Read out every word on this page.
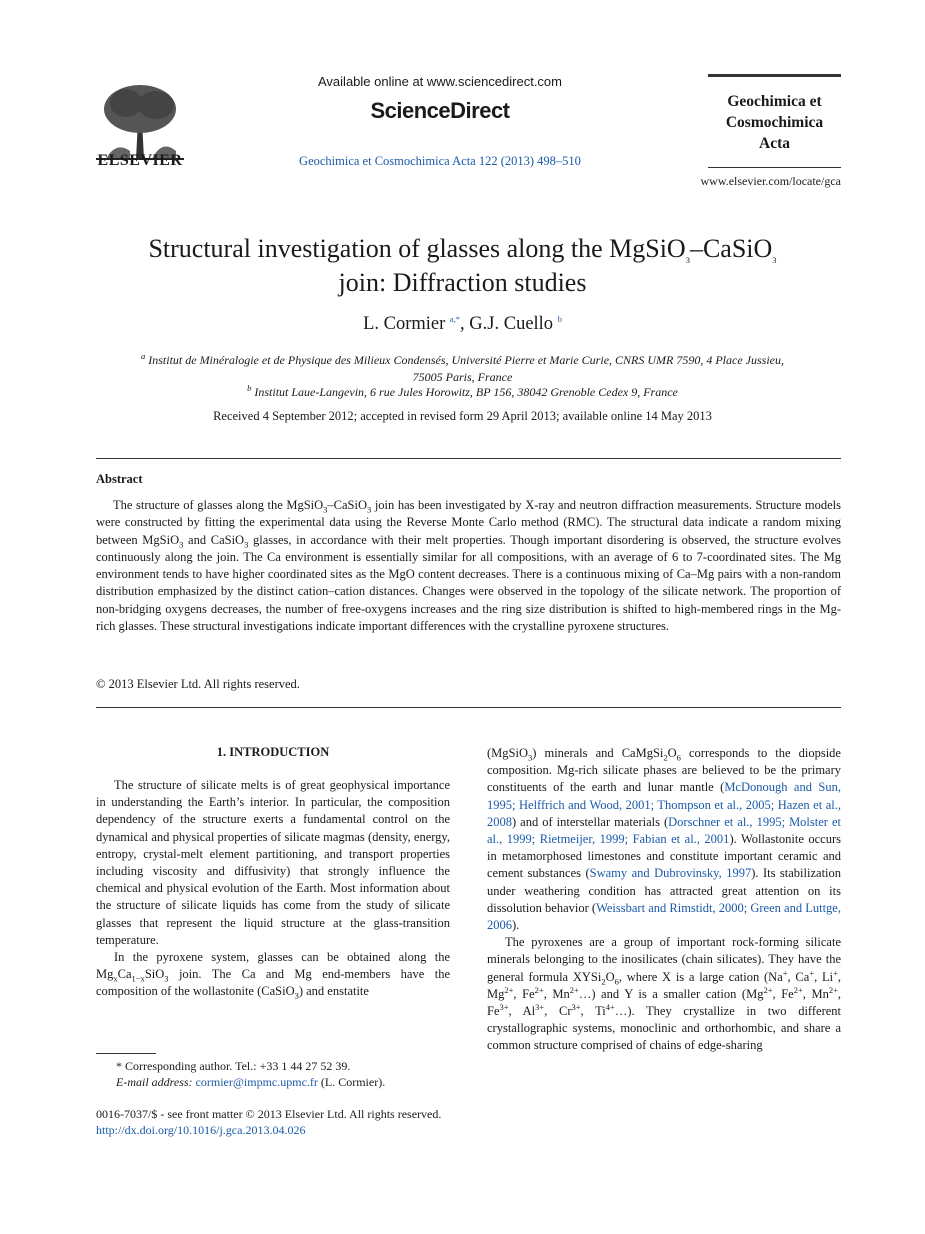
ELSEVIER
Available online at www.sciencedirect.com
ScienceDirect
Geochimica et Cosmochimica Acta 122 (2013) 498–510
Geochimica et
Cosmochimica
Acta
www.elsevier.com/locate/gca
Structural investigation of glasses along the MgSiO$_3$–CaSiO$_3$
join: Diffraction studies
L. Cormier $^{a,*}$, G.J. Cuello $^b$
$^a$ Institut de Minéralogie et de Physique des Milieux Condensés, Université Pierre et Marie Curie, CNRS UMR 7590, 4 Place Jussieu,
75005 Paris, France
$^b$ Institut Laue-Langevin, 6 rue Jules Horowitz, BP 156, 38042 Grenoble Cedex 9, France
Received 4 September 2012; accepted in revised form 29 April 2013; available online 14 May 2013
Abstract
The structure of glasses along the MgSiO$_3$–CaSiO$_3$ join has been investigated by X-ray and neutron diffraction measurements. Structure models were constructed by fitting the experimental data using the Reverse Monte Carlo method (RMC). The structural data indicate a random mixing between MgSiO$_3$ and CaSiO$_3$ glasses, in accordance with their melt properties. Though important disordering is observed, the structure evolves continuously along the join. The Ca environment is essentially similar for all compositions, with an average of 6 to 7-coordinated sites. The Mg environment tends to have higher coordinated sites as the MgO content decreases. There is a continuous mixing of Ca–Mg pairs with a non-random distribution emphasized by the distinct cation–cation distances. Changes were observed in the topology of the silicate network. The proportion of non-bridging oxygens decreases, the number of free-oxygens increases and the ring size distribution is shifted to high-membered rings in the Mg-rich glasses. These structural investigations indicate important differences with the crystalline pyroxene structures.
© 2013 Elsevier Ltd. All rights reserved.
1. INTRODUCTION

The structure of silicate melts is of great geophysical importance in understanding the Earth’s interior. In particular, the composition dependency of the structure exerts a fundamental control on the dynamical and physical properties of silicate magmas (density, energy, entropy, crystal-melt element partitioning, and transport properties including viscosity and diffusivity) that strongly influence the chemical and physical evolution of the Earth. Most information about the structure of silicate liquids has come from the study of silicate glasses that represent the liquid structure at the glass-transition temperature.

In the pyroxene system, glasses can be obtained along the $Mg_xCa_{1-x}SiO_3$ join. The Ca and Mg end-members have the composition of the wollastonite (CaSiO$_3$) and enstatite

* Corresponding author. Tel.: +33 1 44 27 52 39.
E-mail address: cormier@impmc.upmc.fr (L. Cormier).
0016-7037/$ - see front matter © 2013 Elsevier Ltd. All rights reserved.
http://dx.doi.org/10.1016/j.gca.2013.04.026

(MgSiO$_3$) minerals and $CaMgSi_2O_6$ corresponds to the diopside composition. Mg-rich silicate phases are believed to be the primary constituents of the earth and lunar mantle (McDonough and Sun, 1995; Helffrich and Wood, 2001; Thompson et al., 2005; Hazen et al., 2008) and of interstellar materials (Dorschner et al., 1995; Molster et al., 1999; Rietmeijer, 1999; Fabian et al., 2001). Wollastonite occurs in metamorphosed limestones and constitute important ceramic and cement substances (Swamy and Dubrovinsky, 1997). Its stabilization under weathering condition has attracted great attention on its dissolution behavior (Weissbart and Rimstidt, 2000; Green and Luttge, 2006).

The pyroxenes are a group of important rock-forming silicate minerals belonging to the inosilicates (chain silicates). They have the general formula $XYSi_2O_6$, where X is a large cation (Na+, Ca+, Li+, $Mg^{2+}$, $Fe^{2+}$, $Mn^{2+}\dots$) and Y is a smaller cation ($Mg^{2+}$, $Fe^{2+}$, $Mn^{2+}$, $Fe^{3+}$, $Al^{3+}$, $Cr^{3+}$, $Ti^{4+}\dots$). They crystallize in two different crystallographic systems, monoclinic and orthorhombic, and share a common structure comprised of chains of edge-sharing
